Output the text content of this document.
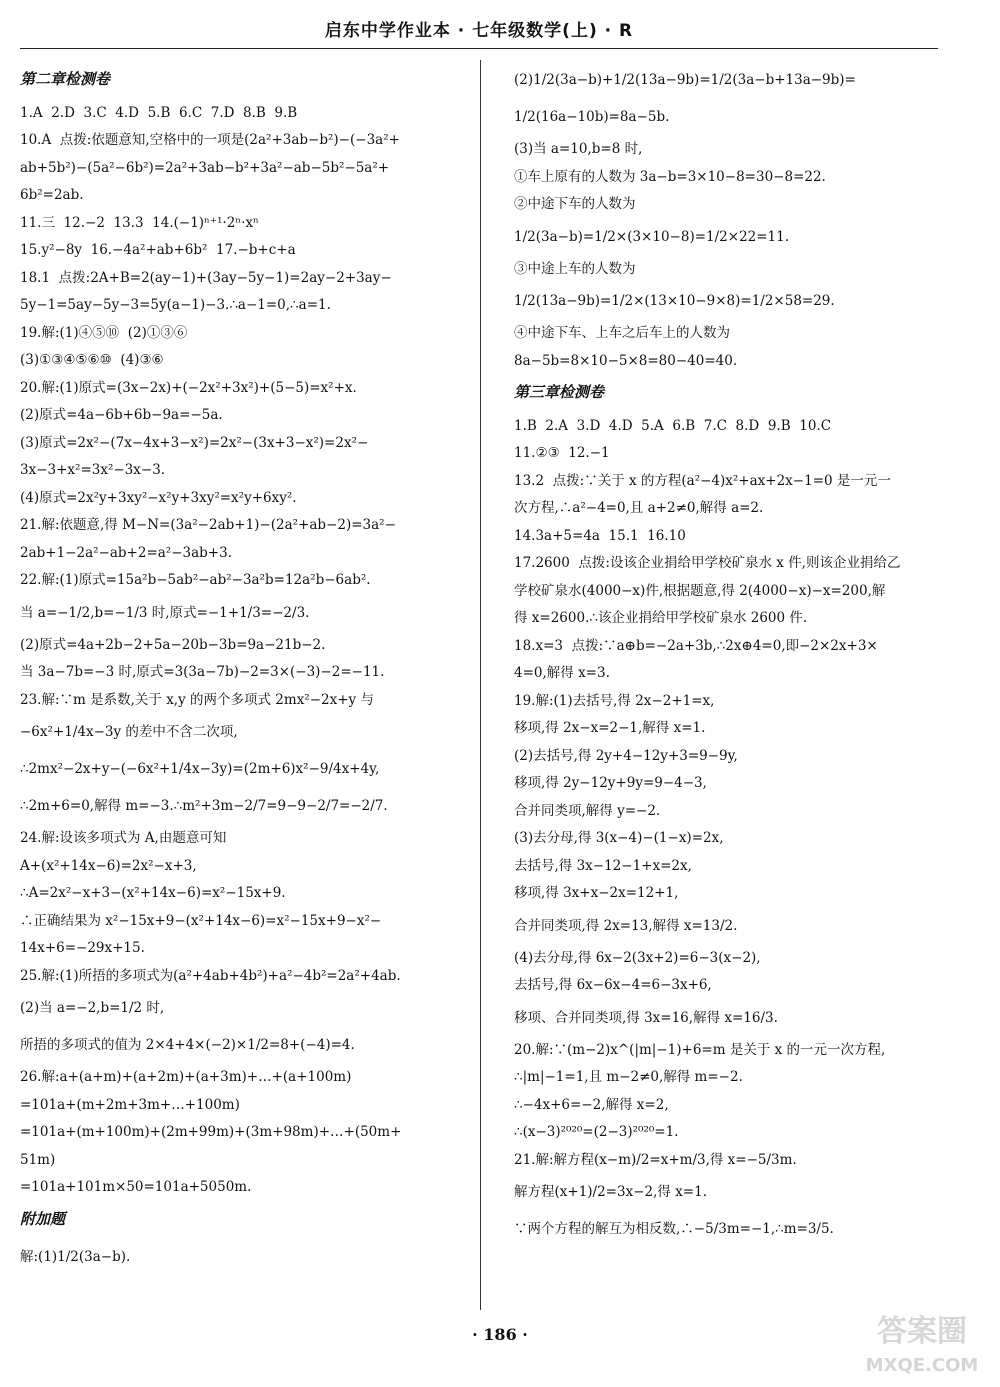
启东中学作业本 · 七年级数学(上) · R
第二章检测卷
1.A  2.D  3.C  4.D  5.B  6.C  7.D  8.B  9.B
10.A  点拨:依题意知,空格中的一项是(2a²+3ab−b²)−(−3a²+
ab+5b²)−(5a²−6b²)=2a²+3ab−b²+3a²−ab−5b²−5a²+
6b²=2ab.
11.三  12.−2  13.3  14.(−1)ⁿ⁺¹·2ⁿ·xⁿ
15.y²−8y  16.−4a²+ab+6b²  17.−b+c+a
18.1  点拨:2A+B=2(ay−1)+(3ay−5y−1)=2ay−2+3ay−
5y−1=5ay−5y−3=5y(a−1)−3.∴a−1=0,∴a=1.
19.解:(1)④⑤⑩  (2)①③⑥
(3)①③④⑤⑥⑩  (4)③⑥
20.解:(1)原式=(3x−2x)+(−2x²+3x²)+(5−5)=x²+x.
(2)原式=4a−6b+6b−9a=−5a.
(3)原式=2x²−(7x−4x+3−x²)=2x²−(3x+3−x²)=2x²−
3x−3+x²=3x²−3x−3.
(4)原式=2x²y+3xy²−x²y+3xy²=x²y+6xy².
21.解:依题意,得 M−N=(3a²−2ab+1)−(2a²+ab−2)=3a²−
2ab+1−2a²−ab+2=a²−3ab+3.
22.解:(1)原式=15a²b−5ab²−ab²−3a²b=12a²b−6ab².
当 a=−1/2,b=−1/3 时,原式=−1+1/3=−2/3.
(2)原式=4a+2b−2+5a−20b−3b=9a−21b−2.
当 3a−7b=−3 时,原式=3(3a−7b)−2=3×(−3)−2=−11.
23.解:∵m 是系数,关于 x,y 的两个多项式 2mx²−2x+y 与
−6x²+1/4x−3y 的差中不含二次项,
∴2mx²−2x+y−(−6x²+1/4x−3y)=(2m+6)x²−9/4x+4y,
∴2m+6=0,解得 m=−3.∴m²+3m−2/7=9−9−2/7=−2/7.
24.解:设该多项式为 A,由题意可知
A+(x²+14x−6)=2x²−x+3,
∴A=2x²−x+3−(x²+14x−6)=x²−15x+9.
∴正确结果为 x²−15x+9−(x²+14x−6)=x²−15x+9−x²−
14x+6=−29x+15.
25.解:(1)所捂的多项式为(a²+4ab+4b²)+a²−4b²=2a²+4ab.
(2)当 a=−2,b=1/2 时,
所捂的多项式的值为 2×4+4×(−2)×1/2=8+(−4)=4.
26.解:a+(a+m)+(a+2m)+(a+3m)+…+(a+100m)
=101a+(m+2m+3m+…+100m)
=101a+(m+100m)+(2m+99m)+(3m+98m)+…+(50m+
51m)
=101a+101m×50=101a+5050m.
附加题
解:(1)1/2(3a−b).
(2)1/2(3a−b)+1/2(13a−9b)=1/2(3a−b+13a−9b)=
1/2(16a−10b)=8a−5b.
(3)当 a=10,b=8 时,
①车上原有的人数为 3a−b=3×10−8=30−8=22.
②中途下车的人数为
1/2(3a−b)=1/2×(3×10−8)=1/2×22=11.
③中途上车的人数为
1/2(13a−9b)=1/2×(13×10−9×8)=1/2×58=29.
④中途下车、上车之后车上的人数为
8a−5b=8×10−5×8=80−40=40.
第三章检测卷
1.B  2.A  3.D  4.D  5.A  6.B  7.C  8.D  9.B  10.C
11.②③  12.−1
13.2  点拨:∵关于 x 的方程(a²−4)x²+ax+2x−1=0 是一元一
次方程,∴a²−4=0,且 a+2≠0,解得 a=2.
14.3a+5=4a  15.1  16.10
17.2600  点拨:设该企业捐给甲学校矿泉水 x 件,则该企业捐给乙
学校矿泉水(4000−x)件,根据题意,得 2(4000−x)−x=200,解
得 x=2600.∴该企业捐给甲学校矿泉水 2600 件.
18.x=3  点拨:∵a⊕b=−2a+3b,∴2x⊕4=0,即−2×2x+3×
4=0,解得 x=3.
19.解:(1)去括号,得 2x−2+1=x,
移项,得 2x−x=2−1,解得 x=1.
(2)去括号,得 2y+4−12y+3=9−9y,
移项,得 2y−12y+9y=9−4−3,
合并同类项,解得 y=−2.
(3)去分母,得 3(x−4)−(1−x)=2x,
去括号,得 3x−12−1+x=2x,
移项,得 3x+x−2x=12+1,
合并同类项,得 2x=13,解得 x=13/2.
(4)去分母,得 6x−2(3x+2)=6−3(x−2),
去括号,得 6x−6x−4=6−3x+6,
移项、合并同类项,得 3x=16,解得 x=16/3.
20.解:∵(m−2)x^(|m|−1)+6=m 是关于 x 的一元一次方程,
∴|m|−1=1,且 m−2≠0,解得 m=−2.
∴−4x+6=−2,解得 x=2,
∴(x−3)²⁰²⁰=(2−3)²⁰²⁰=1.
21.解:解方程(x−m)/2=x+m/3,得 x=−5/3m.
解方程(x+1)/2=3x−2,得 x=1.
∵两个方程的解互为相反数,∴−5/3m=−1,∴m=3/5.
· 186 ·	答案圈
MXQE.COM
